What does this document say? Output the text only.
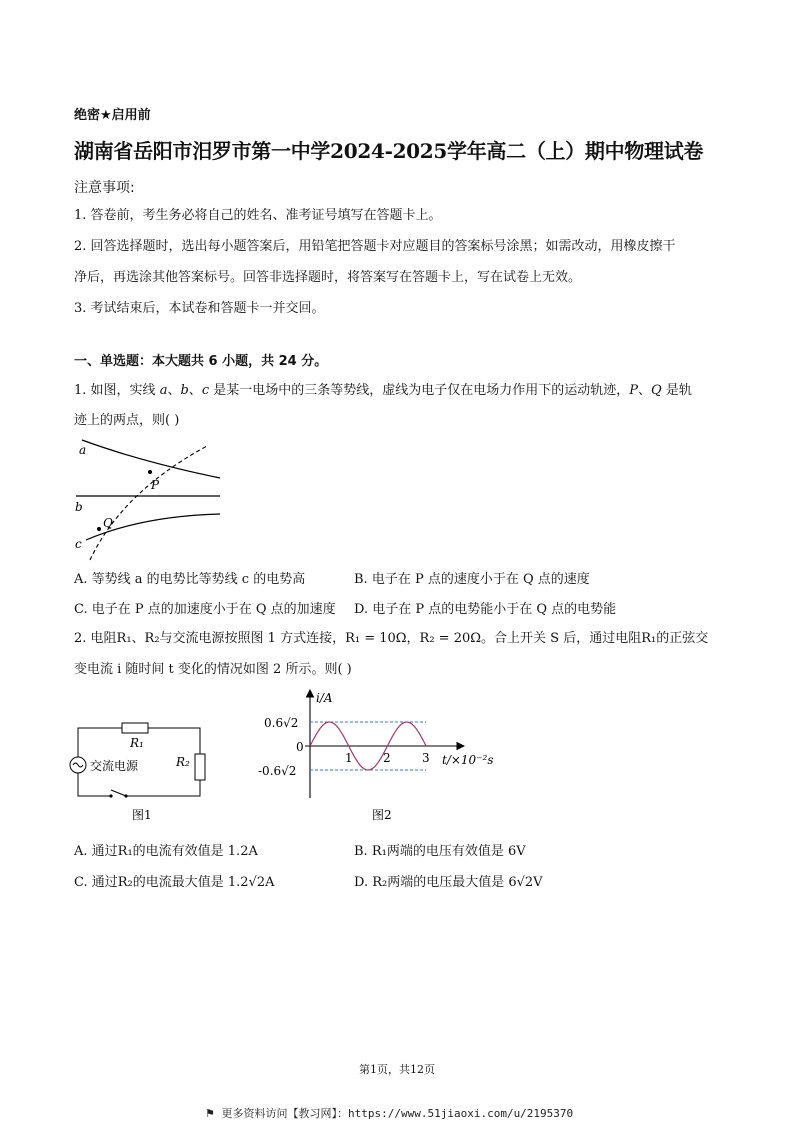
绝密★启用前
湖南省岳阳市汨罗市第一中学2024-2025学年高二（上）期中物理试卷
注意事项:
1. 答卷前，考生务必将自己的姓名、准考证号填写在答题卡上。
2. 回答选择题时，选出每小题答案后，用铅笔把答题卡对应题目的答案标号涂黑；如需改动，用橡皮擦干
净后，再选涂其他答案标号。回答非选择题时，将答案写在答题卡上，写在试卷上无效。
3. 考试结束后，本试卷和答题卡一并交回。
一、单选题：本大题共 6 小题，共 24 分。
1. 如图，实线 a、b、c 是某一电场中的三条等势线，虚线为电子仅在电场力作用下的运动轨迹，P、Q 是轨
迹上的两点，则( )
a
b
c
P
Q
A. 等势线 a 的电势比等势线 c 的电势高	B. 电子在 P 点的速度小于在 Q 点的速度
C. 电子在 P 点的加速度小于在 Q 点的加速度 D. 电子在 P 点的电势能小于在 Q 点的电势能
2. 电阻R₁、R₂与交流电源按照图 1 方式连接，R₁ = 10Ω，R₂ = 20Ω。合上开关 S 后，通过电阻R₁的正弦交
变电流 i 随时间 t 变化的情况如图 2 所示。则( )
交流电源
R₁
R₂
图1
i/A
0.6√2
0
-0.6√2
1	2	3 t/×10⁻²s
图2
A. 通过R₁的电流有效值是 1.2A	B. R₁两端的电压有效值是 6V
C. 通过R₂的电流最大值是 1.2√2A	D. R₂两端的电压最大值是 6√2V
第1页，共12页
⚑ 更多资料访问【教习网】：https://www.51jiaoxi.com/u/2195370
